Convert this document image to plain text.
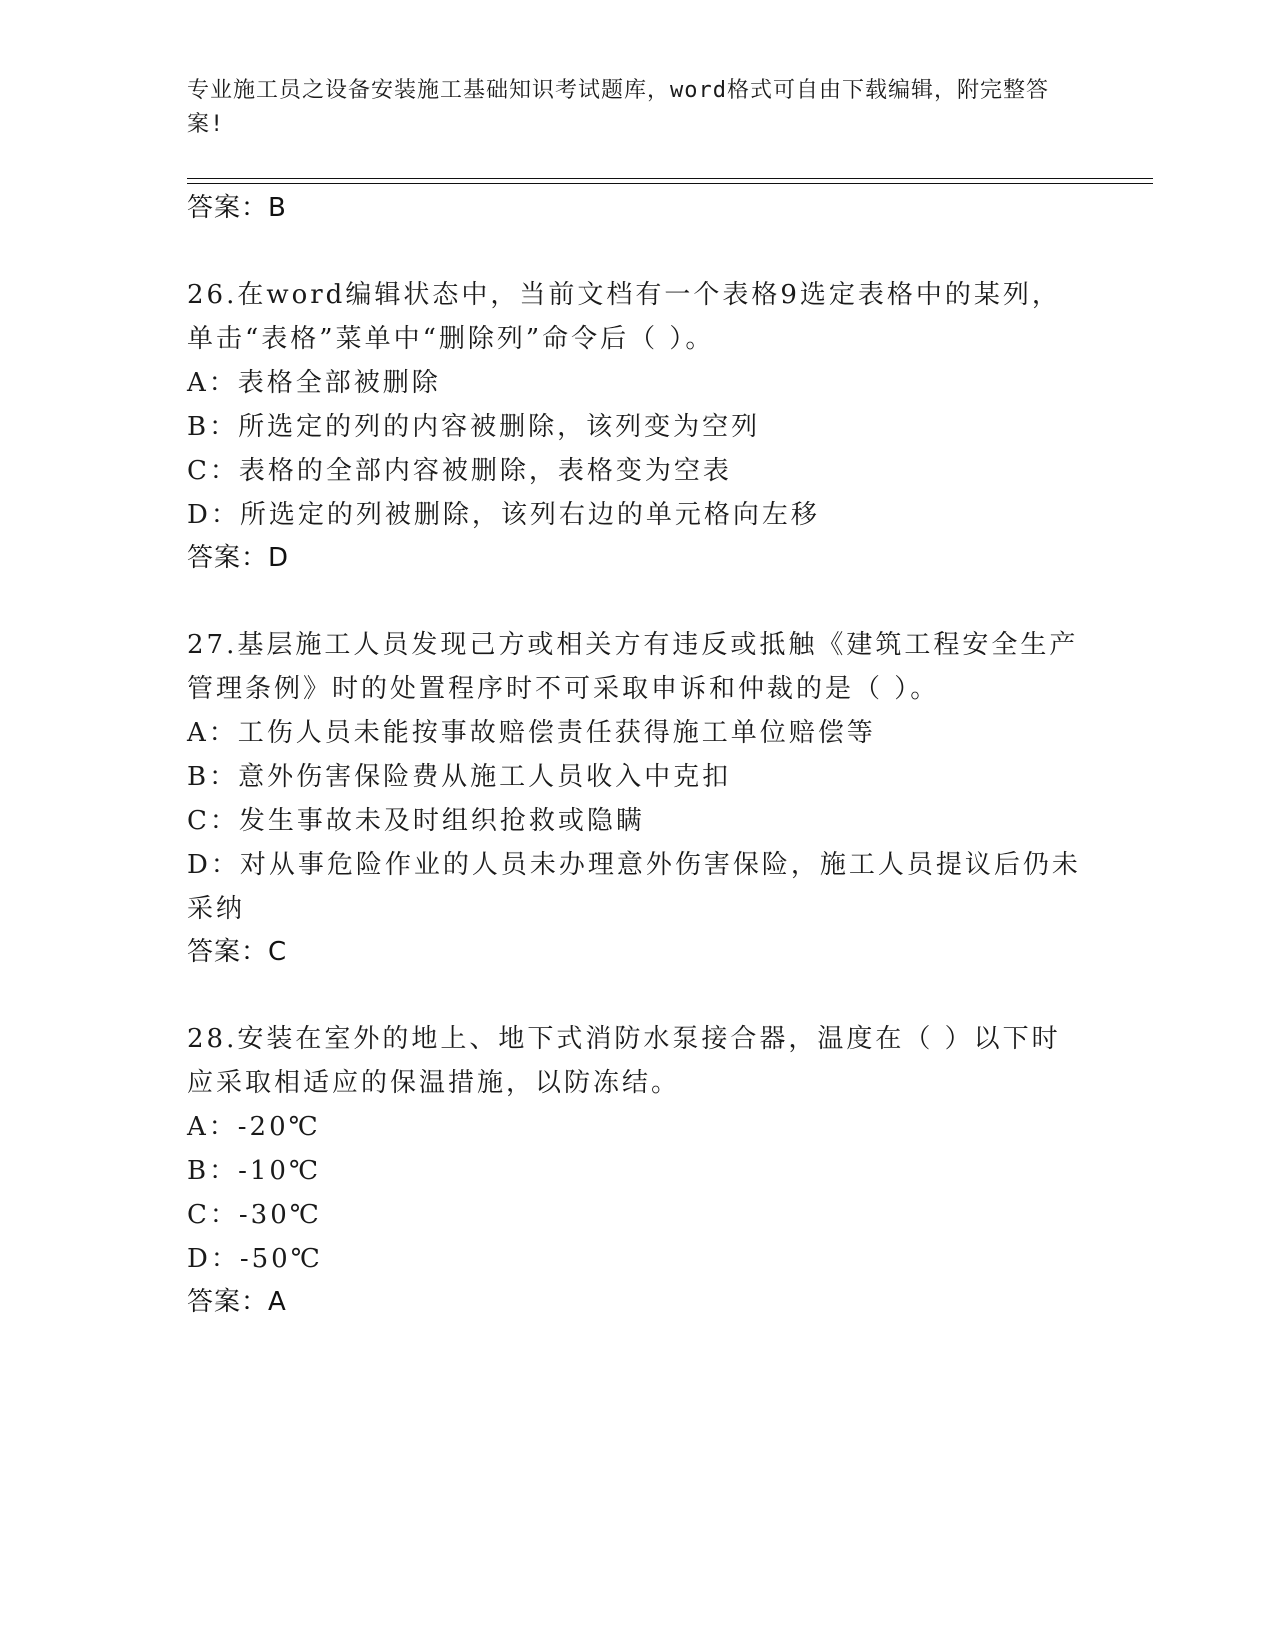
专业施工员之设备安装施工基础知识考试题库，word格式可自由下载编辑，附完整答案!
答案：B
26.在word编辑状态中，当前文档有一个表格9选定表格中的某列，
单击“表格”菜单中“删除列”命令后（ ）。
A：表格全部被删除
B：所选定的列的内容被删除，该列变为空列
C：表格的全部内容被删除，表格变为空表
D：所选定的列被删除，该列右边的单元格向左移
答案：D
27.基层施工人员发现己方或相关方有违反或抵触《建筑工程安全生产
管理条例》时的处置程序时不可采取申诉和仲裁的是（ ）。
A：工伤人员未能按事故赔偿责任获得施工单位赔偿等
B：意外伤害保险费从施工人员收入中克扣
C：发生事故未及时组织抢救或隐瞒
D：对从事危险作业的人员未办理意外伤害保险，施工人员提议后仍未
采纳
答案：C
28.安装在室外的地上、地下式消防水泵接合器，温度在（ ）以下时
应采取相适应的保温措施，以防冻结。
A：-20℃
B：-10℃
C：-30℃
D：-50℃
答案：A
